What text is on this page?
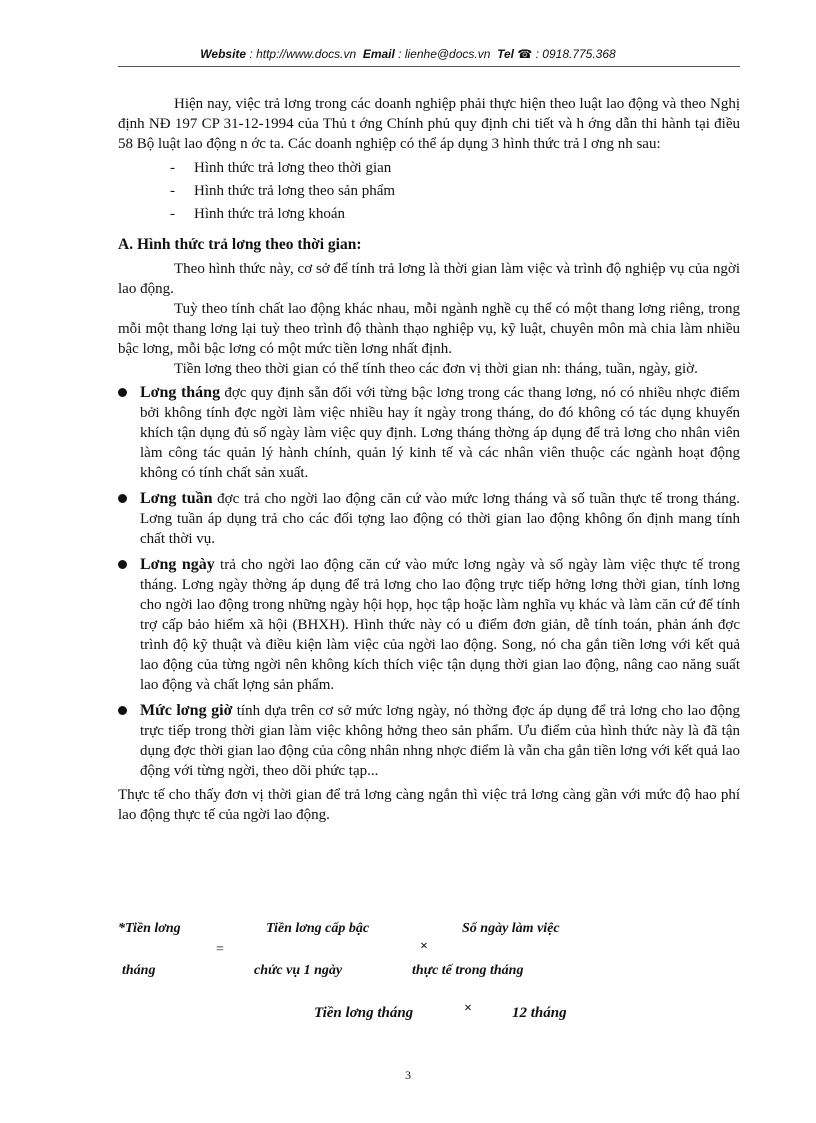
Website : http://www.docs.vn Email : lienhe@docs.vn Tel ☎ : 0918.775.368

Hiện nay, việc trả lơng trong các doanh nghiệp phải thực hiện theo luật lao động và theo Nghị định NĐ 197 CP 31-12-1994 của Thủ t ớng Chính phủ quy định chi tiết và h ớng dẫn thi hành tại điều 58 Bộ luật lao động n ớc ta. Các doanh nghiệp có thể áp dụng 3 hình thức trả l ơng nh sau:

- Hình thức trả lơng theo thời gian
- Hình thức trả lơng theo sản phẩm
- Hình thức trả lơng khoán
A. Hình thức trả lơng theo thời gian:

Theo hình thức này, cơ sở để tính trả lơng là thời gian làm việc và trình độ nghiệp vụ của ngời lao động.

Tuỳ theo tính chất lao động khác nhau, mỗi ngành nghề cụ thể có một thang lơng riêng, trong mỗi một thang lơng lại tuỳ theo trình độ thành thạo nghiệp vụ, kỹ luật, chuyên môn mà chia làm nhiều bậc lơng, mỗi bậc lơng có một mức tiền lơng nhất định.

Tiền lơng theo thời gian có thể tính theo các đơn vị thời gian nh: tháng, tuần, ngày, giờ.

Lơng tháng đợc quy định sẵn đối với từng bậc lơng trong các thang lơng, nó có nhiều nhợc điểm bởi không tính đợc ngời làm việc nhiều hay ít ngày trong tháng, do đó không có tác dụng khuyến khích tận dụng đủ số ngày làm việc quy định. Lơng tháng thờng áp dụng để trả lơng cho nhân viên làm công tác quản lý hành chính, quản lý kinh tế và các nhân viên thuộc các ngành hoạt động không có tính chất sản xuất.
Lơng tuần đợc trả cho ngời lao động căn cứ vào mức lơng tháng và số tuần thực tế trong tháng. Lơng tuần áp dụng trả cho các đối tợng lao động có thời gian lao động không ổn định mang tính chất thời vụ.
Lơng ngày trả cho ngời lao động căn cứ vào mức lơng ngày và số ngày làm việc thực tế trong tháng. Lơng ngày thờng áp dụng để trả lơng cho lao động trực tiếp hởng lơng thời gian, tính lơng cho ngời lao động trong những ngày hội họp, học tập hoặc làm nghĩa vụ khác và làm căn cứ để tính trợ cấp bảo hiểm xã hội (BHXH). Hình thức này có u điểm đơn giản, dễ tính toán, phản ánh đợc trình độ kỹ thuật và điều kiện làm việc của ngời lao động. Song, nó cha gắn tiền lơng với kết quả lao động của từng ngời nên không kích thích việc tận dụng thời gian lao động, nâng cao năng suất lao động và chất lợng sản phẩm.
Mức lơng giờ tính dựa trên cơ sở mức lơng ngày, nó thờng đợc áp dụng để trả lơng cho lao động trực tiếp trong thời gian làm việc không hởng theo sản phẩm. Ưu điểm của hình thức này là đã tận dụng đợc thời gian lao động của công nhân nhng nhợc điểm là vẫn cha gắn tiền lơng với kết quả lao động với từng ngời, theo dõi phức tạp...

Thực tế cho thấy đơn vị thời gian để trả lơng càng ngắn thì việc trả lơng càng gần với mức độ hao phí lao động thực tế của ngời lao động.

*Tiền lơng
tháng
=
Tiền lơng cấp bậc
chức vụ 1 ngày
×
Số ngày làm việc
thực tế trong tháng
Tiền lơng tháng	×	12 tháng
3
